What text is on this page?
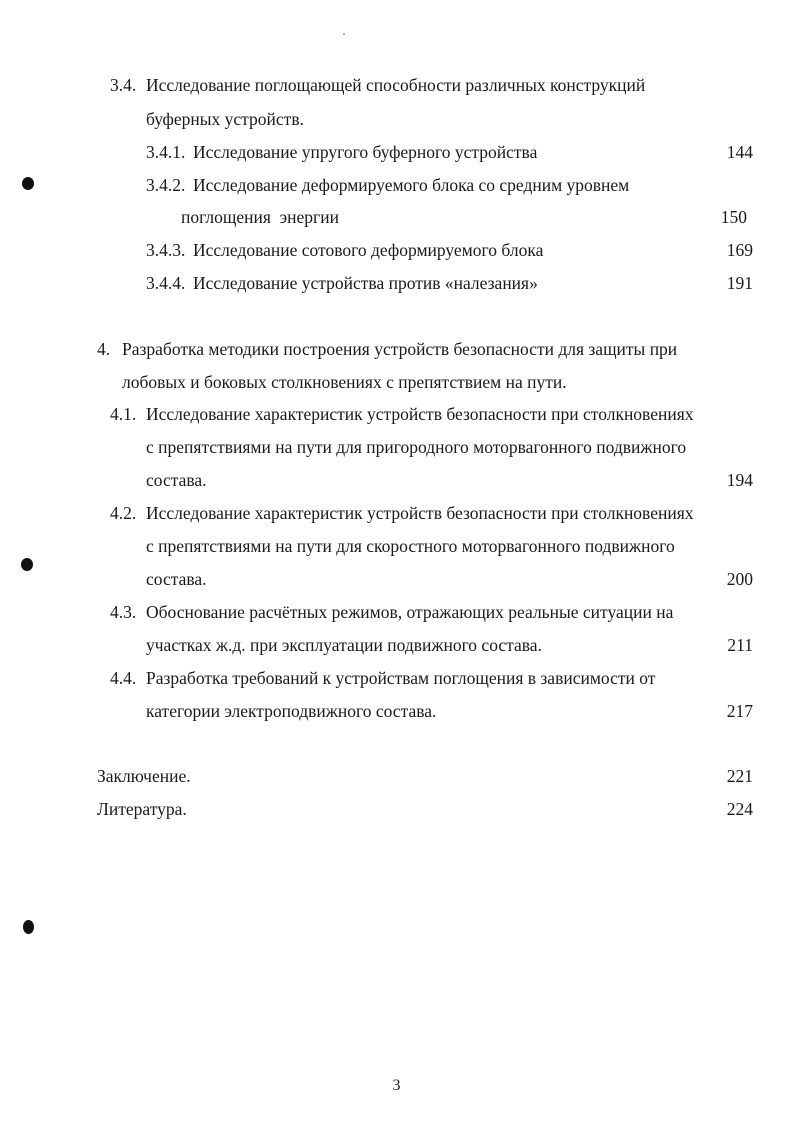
3.4. Исследование поглощающей способности различных конструкций
буферных устройств.
3.4.1. Исследование упругого буферного устройства	144
3.4.2. Исследование деформируемого блока со средним уровнем
поглощения  энергии	150
3.4.3. Исследование сотового деформируемого блока	169
3.4.4. Исследование устройства против «налезания»	191
4. Разработка методики построения устройств безопасности для защиты при
лобовых и боковых столкновениях с препятствием на пути.
4.1. Исследование характеристик устройств безопасности при столкновениях
с препятствиями на пути для пригородного моторвагонного подвижного
состава.	194
4.2. Исследование характеристик устройств безопасности при столкновениях
с препятствиями на пути для скоростного моторвагонного подвижного
состава.	200
4.3. Обоснование расчётных режимов, отражающих реальные ситуации на
участках ж.д. при эксплуатации подвижного состава.	211
4.4. Разработка требований к устройствам поглощения в зависимости от
категории электроподвижного состава.	217
Заключение.	221
Литература.	224
3
